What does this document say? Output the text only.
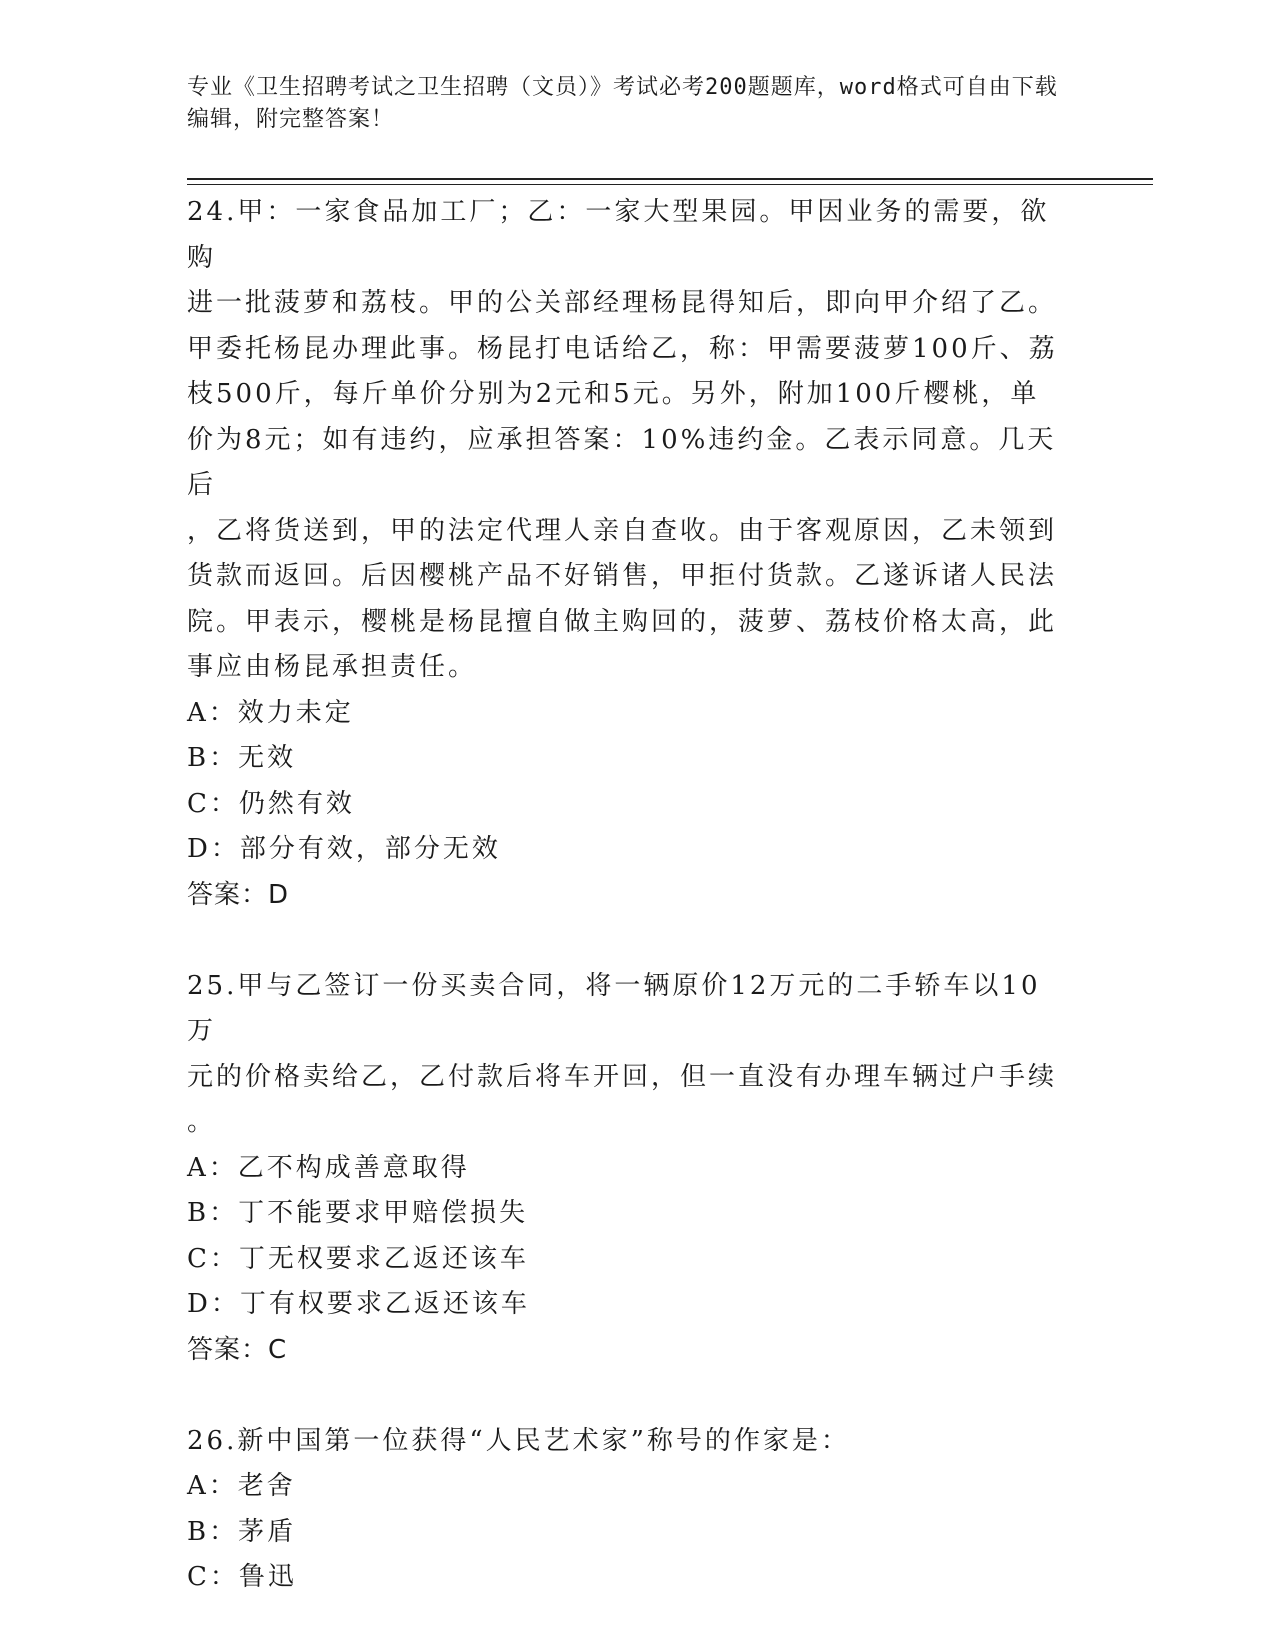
专业《卫生招聘考试之卫生招聘（文员）》考试必考200题题库，word格式可自由下载编辑，附完整答案！
24.甲：一家食品加工厂；乙：一家大型果园。甲因业务的需要，欲购
进一批菠萝和荔枝。甲的公关部经理杨昆得知后，即向甲介绍了乙。
甲委托杨昆办理此事。杨昆打电话给乙，称：甲需要菠萝100斤、荔
枝500斤，每斤单价分别为2元和5元。另外，附加100斤樱桃，单
价为8元；如有违约，应承担答案：10%违约金。乙表示同意。几天后
，乙将货送到，甲的法定代理人亲自查收。由于客观原因，乙未领到
货款而返回。后因樱桃产品不好销售，甲拒付货款。乙遂诉诸人民法
院。甲表示，樱桃是杨昆擅自做主购回的，菠萝、荔枝价格太高，此
事应由杨昆承担责任。
A：效力未定
B：无效
C：仍然有效
D：部分有效，部分无效
答案：D
25.甲与乙签订一份买卖合同，将一辆原价12万元的二手轿车以10万
元的价格卖给乙，乙付款后将车开回，但一直没有办理车辆过户手续
。
A：乙不构成善意取得
B：丁不能要求甲赔偿损失
C：丁无权要求乙返还该车
D：丁有权要求乙返还该车
答案：C
26.新中国第一位获得“人民艺术家”称号的作家是：
A：老舍
B：茅盾
C：鲁迅
